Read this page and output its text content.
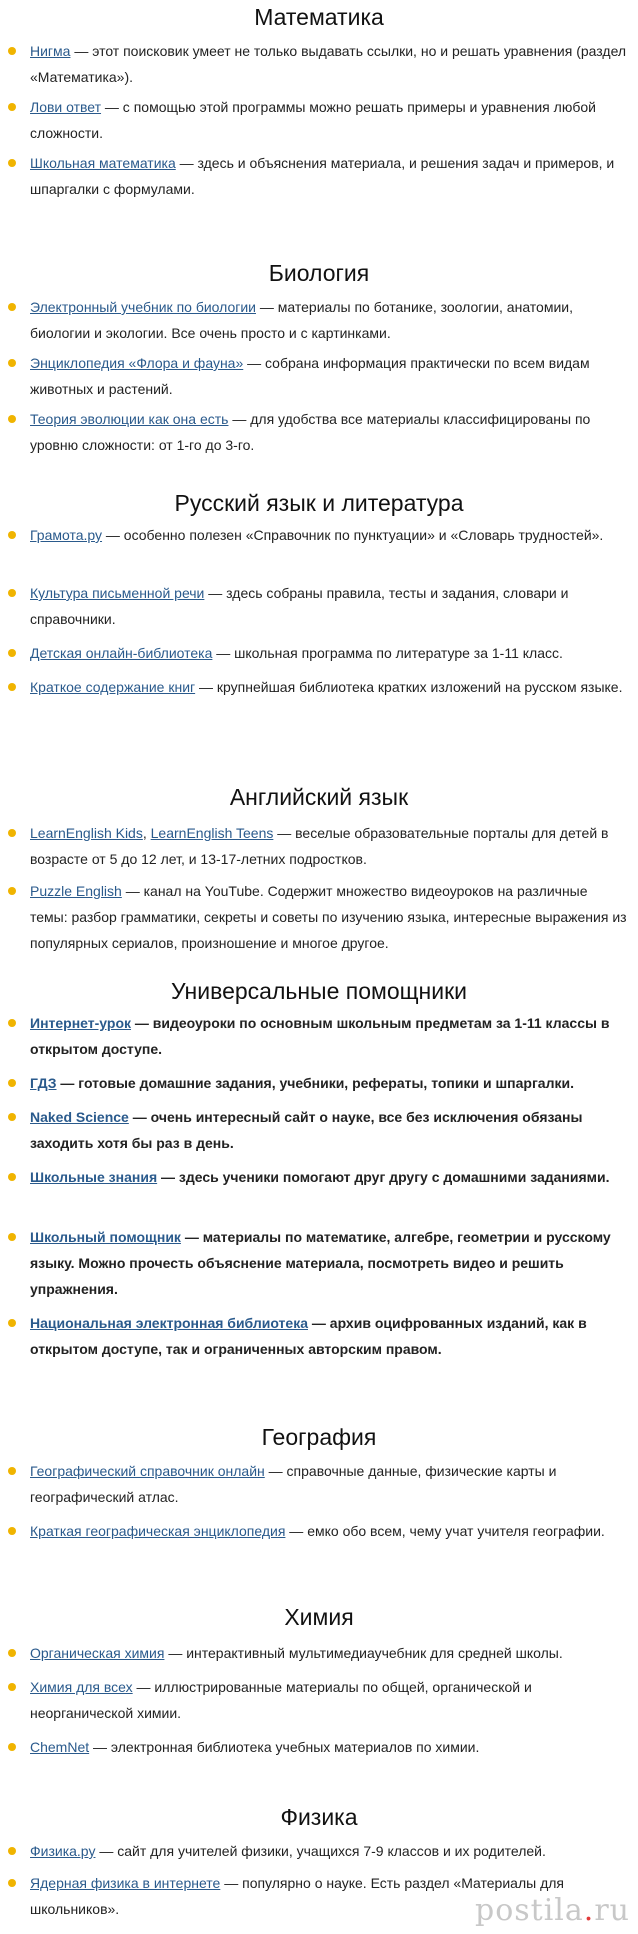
Математика
Нигма — этот поисковик умеет не только выдавать ссылки, но и решать уравнения (раздел «Математика»).
Лови ответ — с помощью этой программы можно решать примеры и уравнения любой сложности.
Школьная математика — здесь и объяснения материала, и решения задач и примеров, и шпаргалки с формулами.
Биология
Электронный учебник по биологии — материалы по ботанике, зоологии, анатомии, биологии и экологии. Все очень просто и с картинками.
Энциклопедия «Флора и фауна» — собрана информация практически по всем видам животных и растений.
Теория эволюции как она есть — для удобства все материалы классифицированы по уровню сложности: от 1-го до 3-го.
Русский язык и литература
Грамота.ру — особенно полезен «Справочник по пунктуации» и «Словарь трудностей».
Культура письменной речи — здесь собраны правила, тесты и задания, словари и справочники.
Детская онлайн-библиотека — школьная программа по литературе за 1-11 класс.
Краткое содержание книг — крупнейшая библиотека кратких изложений на русском языке.
Английский язык
LearnEnglish Kids, LearnEnglish Teens — веселые образовательные порталы для детей в возрасте от 5 до 12 лет, и 13-17-летних подростков.
Puzzle English — канал на YouTube. Содержит множество видеоуроков на различные темы: разбор грамматики, секреты и советы по изучению языка, интересные выражения из популярных сериалов, произношение и многое другое.
Универсальные помощники
Интернет-урок — видеоуроки по основным школьным предметам за 1-11 классы в открытом доступе.
ГДЗ — готовые домашние задания, учебники, рефераты, топики и шпаргалки.
Naked Science — очень интересный сайт о науке, все без исключения обязаны заходить хотя бы раз в день.
Школьные знания — здесь ученики помогают друг другу с домашними заданиями.
Школьный помощник — материалы по математике, алгебре, геометрии и русскому языку. Можно прочесть объяснение материала, посмотреть видео и решить упражнения.
Национальная электронная библиотека — архив оцифрованных изданий, как в открытом доступе, так и ограниченных авторским правом.
География
Географический справочник онлайн — справочные данные, физические карты и географический атлас.
Краткая географическая энциклопедия — емко обо всем, чему учат учителя географии.
Химия
Органическая химия — интерактивный мультимедиаучебник для средней школы.
Химия для всех — иллюстрированные материалы по общей, органической и неорганической химии.
ChemNet — электронная библиотека учебных материалов по химии.
Физика
Физика.ру — сайт для учителей физики, учащихся 7-9 классов и их родителей.
Ядерная физика в интернете — популярно о науке. Есть раздел «Материалы для школьников».	postila.ru
